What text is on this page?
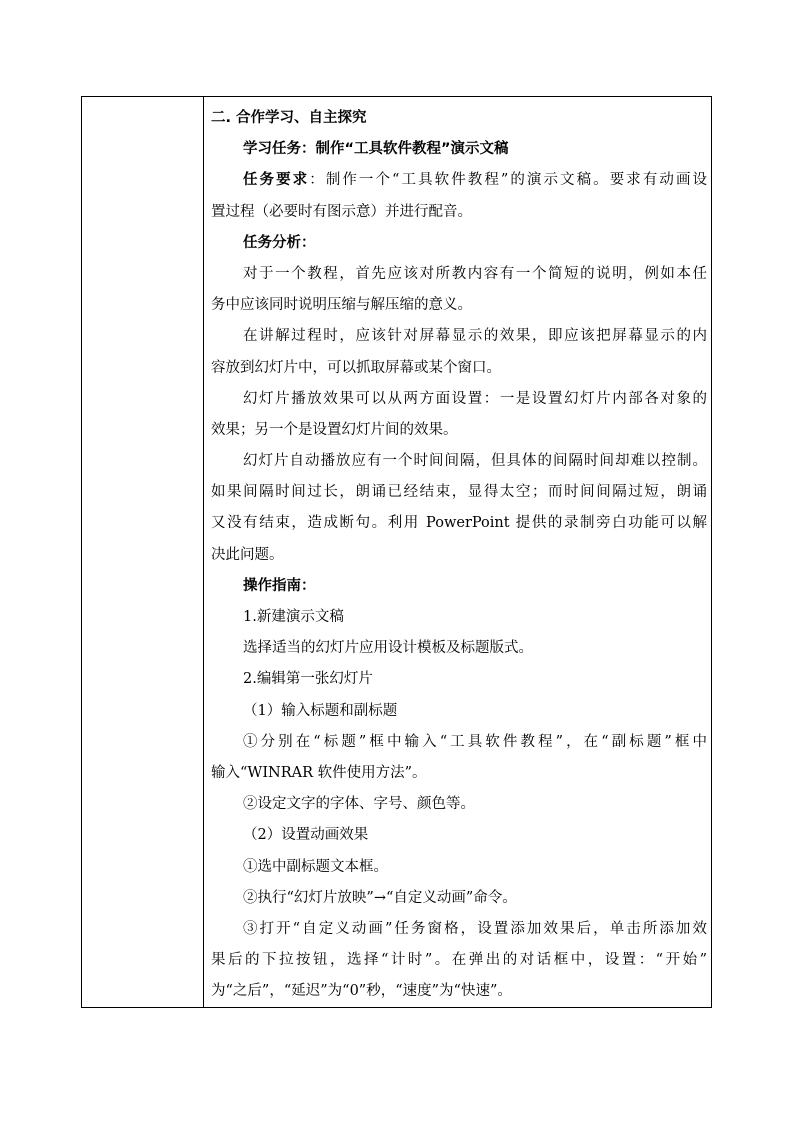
二. 合作学习、自主探究
学习任务：制作“工具软件教程”演示文稿
任务要求：制作一个“工具软件教程”的演示文稿。要求有动画设
置过程（必要时有图示意）并进行配音。
任务分析：
对于一个教程，首先应该对所教内容有一个简短的说明，例如本任
务中应该同时说明压缩与解压缩的意义。
在讲解过程时，应该针对屏幕显示的效果，即应该把屏幕显示的内
容放到幻灯片中，可以抓取屏幕或某个窗口。
幻灯片播放效果可以从两方面设置：一是设置幻灯片内部各对象的
效果；另一个是设置幻灯片间的效果。
幻灯片自动播放应有一个时间间隔，但具体的间隔时间却难以控制。
如果间隔时间过长，朗诵已经结束，显得太空；而时间间隔过短，朗诵
又没有结束，造成断句。利用 PowerPoint 提供的录制旁白功能可以解
决此问题。
操作指南：
1.新建演示文稿
选择适当的幻灯片应用设计模板及标题版式。
2.编辑第一张幻灯片
（1）输入标题和副标题
①分别在“标题”框中输入“工具软件教程”，在“副标题”框中
输入“WINRAR 软件使用方法”。
②设定文字的字体、字号、颜色等。
（2）设置动画效果
①选中副标题文本框。
②执行“幻灯片放映”→“自定义动画”命令。
③打开“自定义动画”任务窗格，设置添加效果后，单击所添加效
果后的下拉按钮，选择“计时”。在弹出的对话框中，设置：“开始”
为“之后”，“延迟”为“0”秒，“速度”为“快速”。
